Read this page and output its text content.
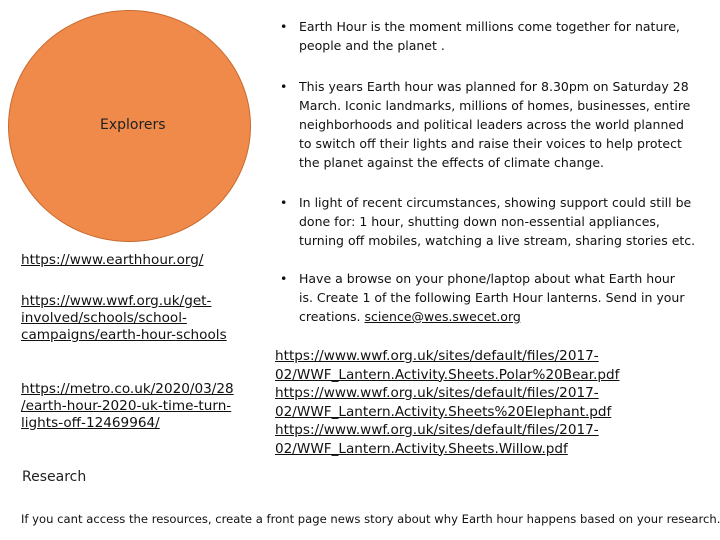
Explorers
https://www.earthhour.org/
https://www.wwf.org.uk/get-
involved/schools/school-
campaigns/earth-hour-schools
https://metro.co.uk/2020/03/28
/earth-hour-2020-uk-time-turn-
lights-off-12469964/
Research
• Earth Hour is the moment millions come together for nature,
people and the planet .
• This years Earth hour was planned for 8.30pm on Saturday 28
March. Iconic landmarks, millions of homes, businesses, entire
neighborhoods and political leaders across the world planned
to switch off their lights and raise their voices to help protect
the planet against the effects of climate change.
• In light of recent circumstances, showing support could still be
done for: 1 hour, shutting down non-essential appliances,
turning off mobiles, watching a live stream, sharing stories etc.
• Have a browse on your phone/laptop about what Earth hour
is. Create 1 of the following Earth Hour lanterns. Send in your
creations. science@wes.swecet.org
https://www.wwf.org.uk/sites/default/files/2017-
02/WWF_Lantern.Activity.Sheets.Polar%20Bear.pdf
https://www.wwf.org.uk/sites/default/files/2017-
02/WWF_Lantern.Activity.Sheets%20Elephant.pdf
https://www.wwf.org.uk/sites/default/files/2017-
02/WWF_Lantern.Activity.Sheets.Willow.pdf
If you cant access the resources, create a front page news story about why Earth hour happens based on your research.
